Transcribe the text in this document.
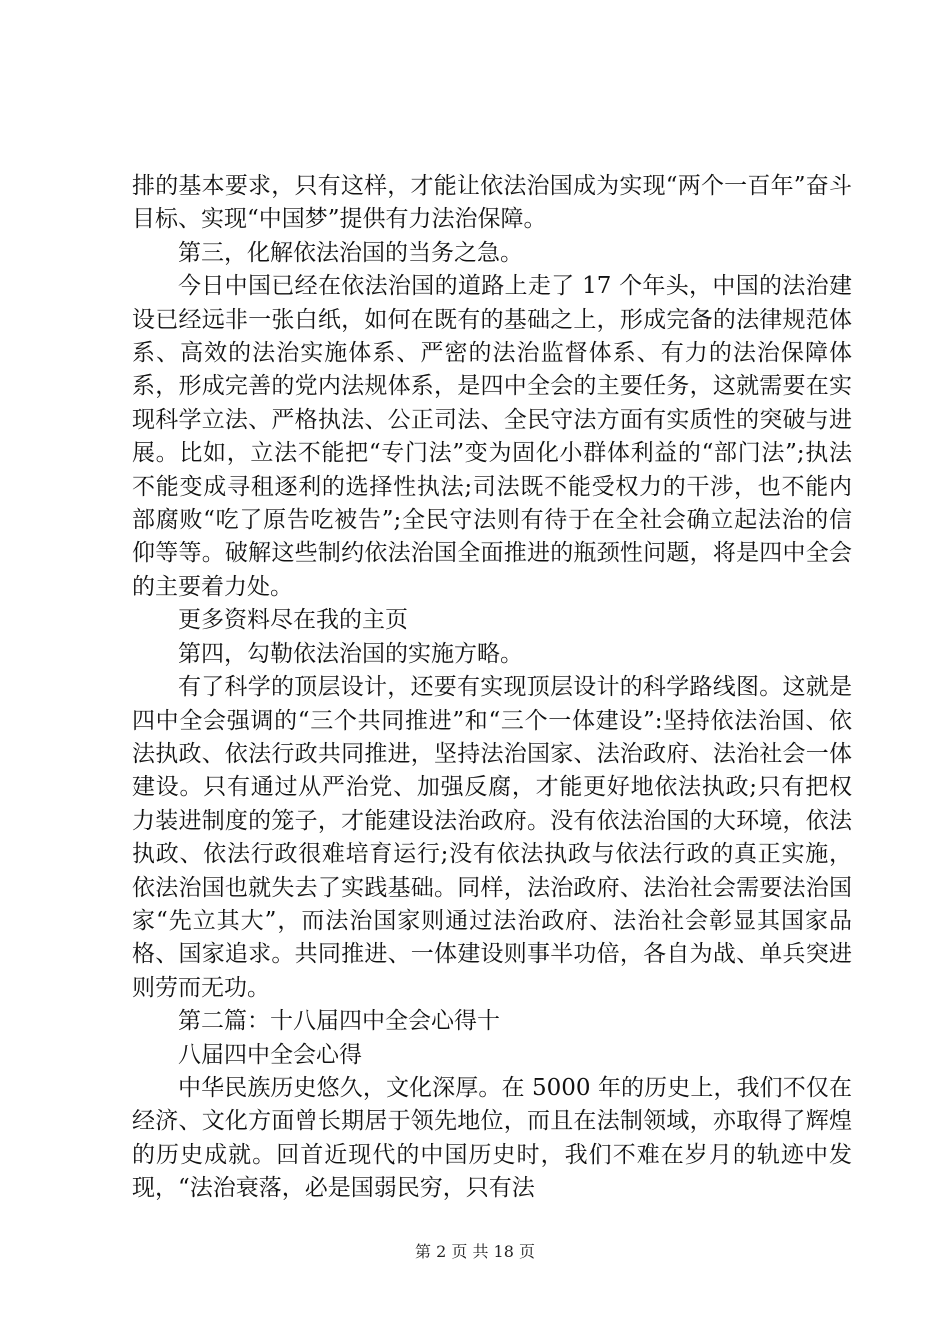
排的基本要求，只有这样，才能让依法治国成为实现“两个一百年”奋斗目标、实现“中国梦”提供有力法治保障。

第三，化解依法治国的当务之急。

今日中国已经在依法治国的道路上走了 17 个年头，中国的法治建设已经远非一张白纸，如何在既有的基础之上，形成完备的法律规范体系、高效的法治实施体系、严密的法治监督体系、有力的法治保障体系，形成完善的党内法规体系，是四中全会的主要任务，这就需要在实现科学立法、严格执法、公正司法、全民守法方面有实质性的突破与进展。比如，立法不能把“专门法”变为固化小群体利益的“部门法”;执法不能变成寻租逐利的选择性执法;司法既不能受权力的干涉，也不能内部腐败“吃了原告吃被告”;全民守法则有待于在全社会确立起法治的信仰等等。破解这些制约依法治国全面推进的瓶颈性问题，将是四中全会的主要着力处。

更多资料尽在我的主页

第四，勾勒依法治国的实施方略。

有了科学的顶层设计，还要有实现顶层设计的科学路线图。这就是四中全会强调的“三个共同推进”和“三个一体建设”:坚持依法治国、依法执政、依法行政共同推进，坚持法治国家、法治政府、法治社会一体建设。只有通过从严治党、加强反腐，才能更好地依法执政;只有把权力装进制度的笼子，才能建设法治政府。没有依法治国的大环境，依法执政、依法行政很难培育运行;没有依法执政与依法行政的真正实施，依法治国也就失去了实践基础。同样，法治政府、法治社会需要法治国家“先立其大”，而法治国家则通过法治政府、法治社会彰显其国家品格、国家追求。共同推进、一体建设则事半功倍，各自为战、单兵突进则劳而无功。

第二篇：十八届四中全会心得十

八届四中全会心得

中华民族历史悠久，文化深厚。在 5000 年的历史上，我们不仅在经济、文化方面曾长期居于领先地位，而且在法制领域，亦取得了辉煌的历史成就。回首近现代的中国历史时，我们不难在岁月的轨迹中发现，“法治衰落，必是国弱民穷，只有法

第 2 页 共 18 页
